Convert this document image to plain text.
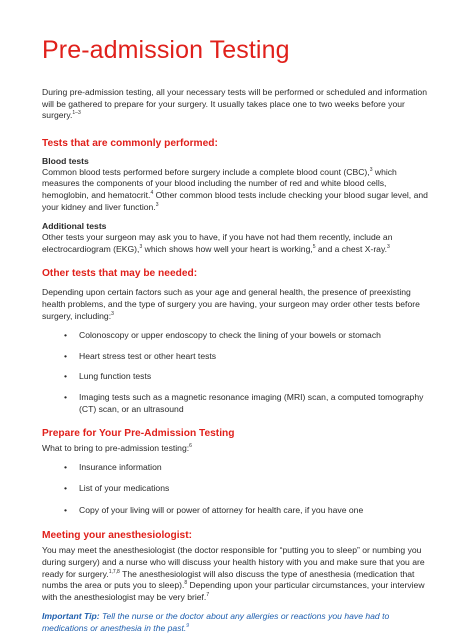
Pre-admission Testing

During pre-admission testing, all your necessary tests will be performed or scheduled and information will be gathered to prepare for your surgery. It usually takes place one to two weeks before your surgery.$^{1-3}$

Tests that are commonly performed:
Blood tests

Common blood tests performed before surgery include a complete blood count (CBC),$^3$ which measures the components of your blood including the number of red and white blood cells, hemoglobin, and hematocrit.$^4$ Other common blood tests include checking your blood sugar level, and your kidney and liver function.$^3$

Additional tests

Other tests your surgeon may ask you to have, if you have not had them recently, include an electrocardiogram (EKG),$^3$ which shows how well your heart is working,$^5$ and a chest X-ray.$^3$

Other tests that may be needed:

Depending upon certain factors such as your age and general health, the presence of preexisting health problems, and the type of surgery you are having, your surgeon may order other tests before surgery, including:$^3$

• Colonoscopy or upper endoscopy to check the lining of your bowels or stomach
• Heart stress test or other heart tests
• Lung function tests
• Imaging tests such as a magnetic resonance imaging (MRI) scan, a computed tomography (CT) scan, or an ultrasound
Prepare for Your Pre-Admission Testing

What to bring to pre-admission testing:$^6$

• Insurance information
• List of your medications
• Copy of your living will or power of attorney for health care, if you have one
Meeting your anesthesiologist:

You may meet the anesthesiologist (the doctor responsible for “putting you to sleep” or numbing you during surgery) and a nurse who will discuss your health history with you and make sure that you are ready for surgery.$^{1,7,8}$ The anesthesiologist will also discuss the type of anesthesia (medication that numbs the area or puts you to sleep).$^8$ Depending upon your particular circumstances, your interview with the anesthesiologist may be very brief.$^7$

Important Tip: Tell the nurse or the doctor about any allergies or reactions you have had to medications or anesthesia in the past.$^9$
